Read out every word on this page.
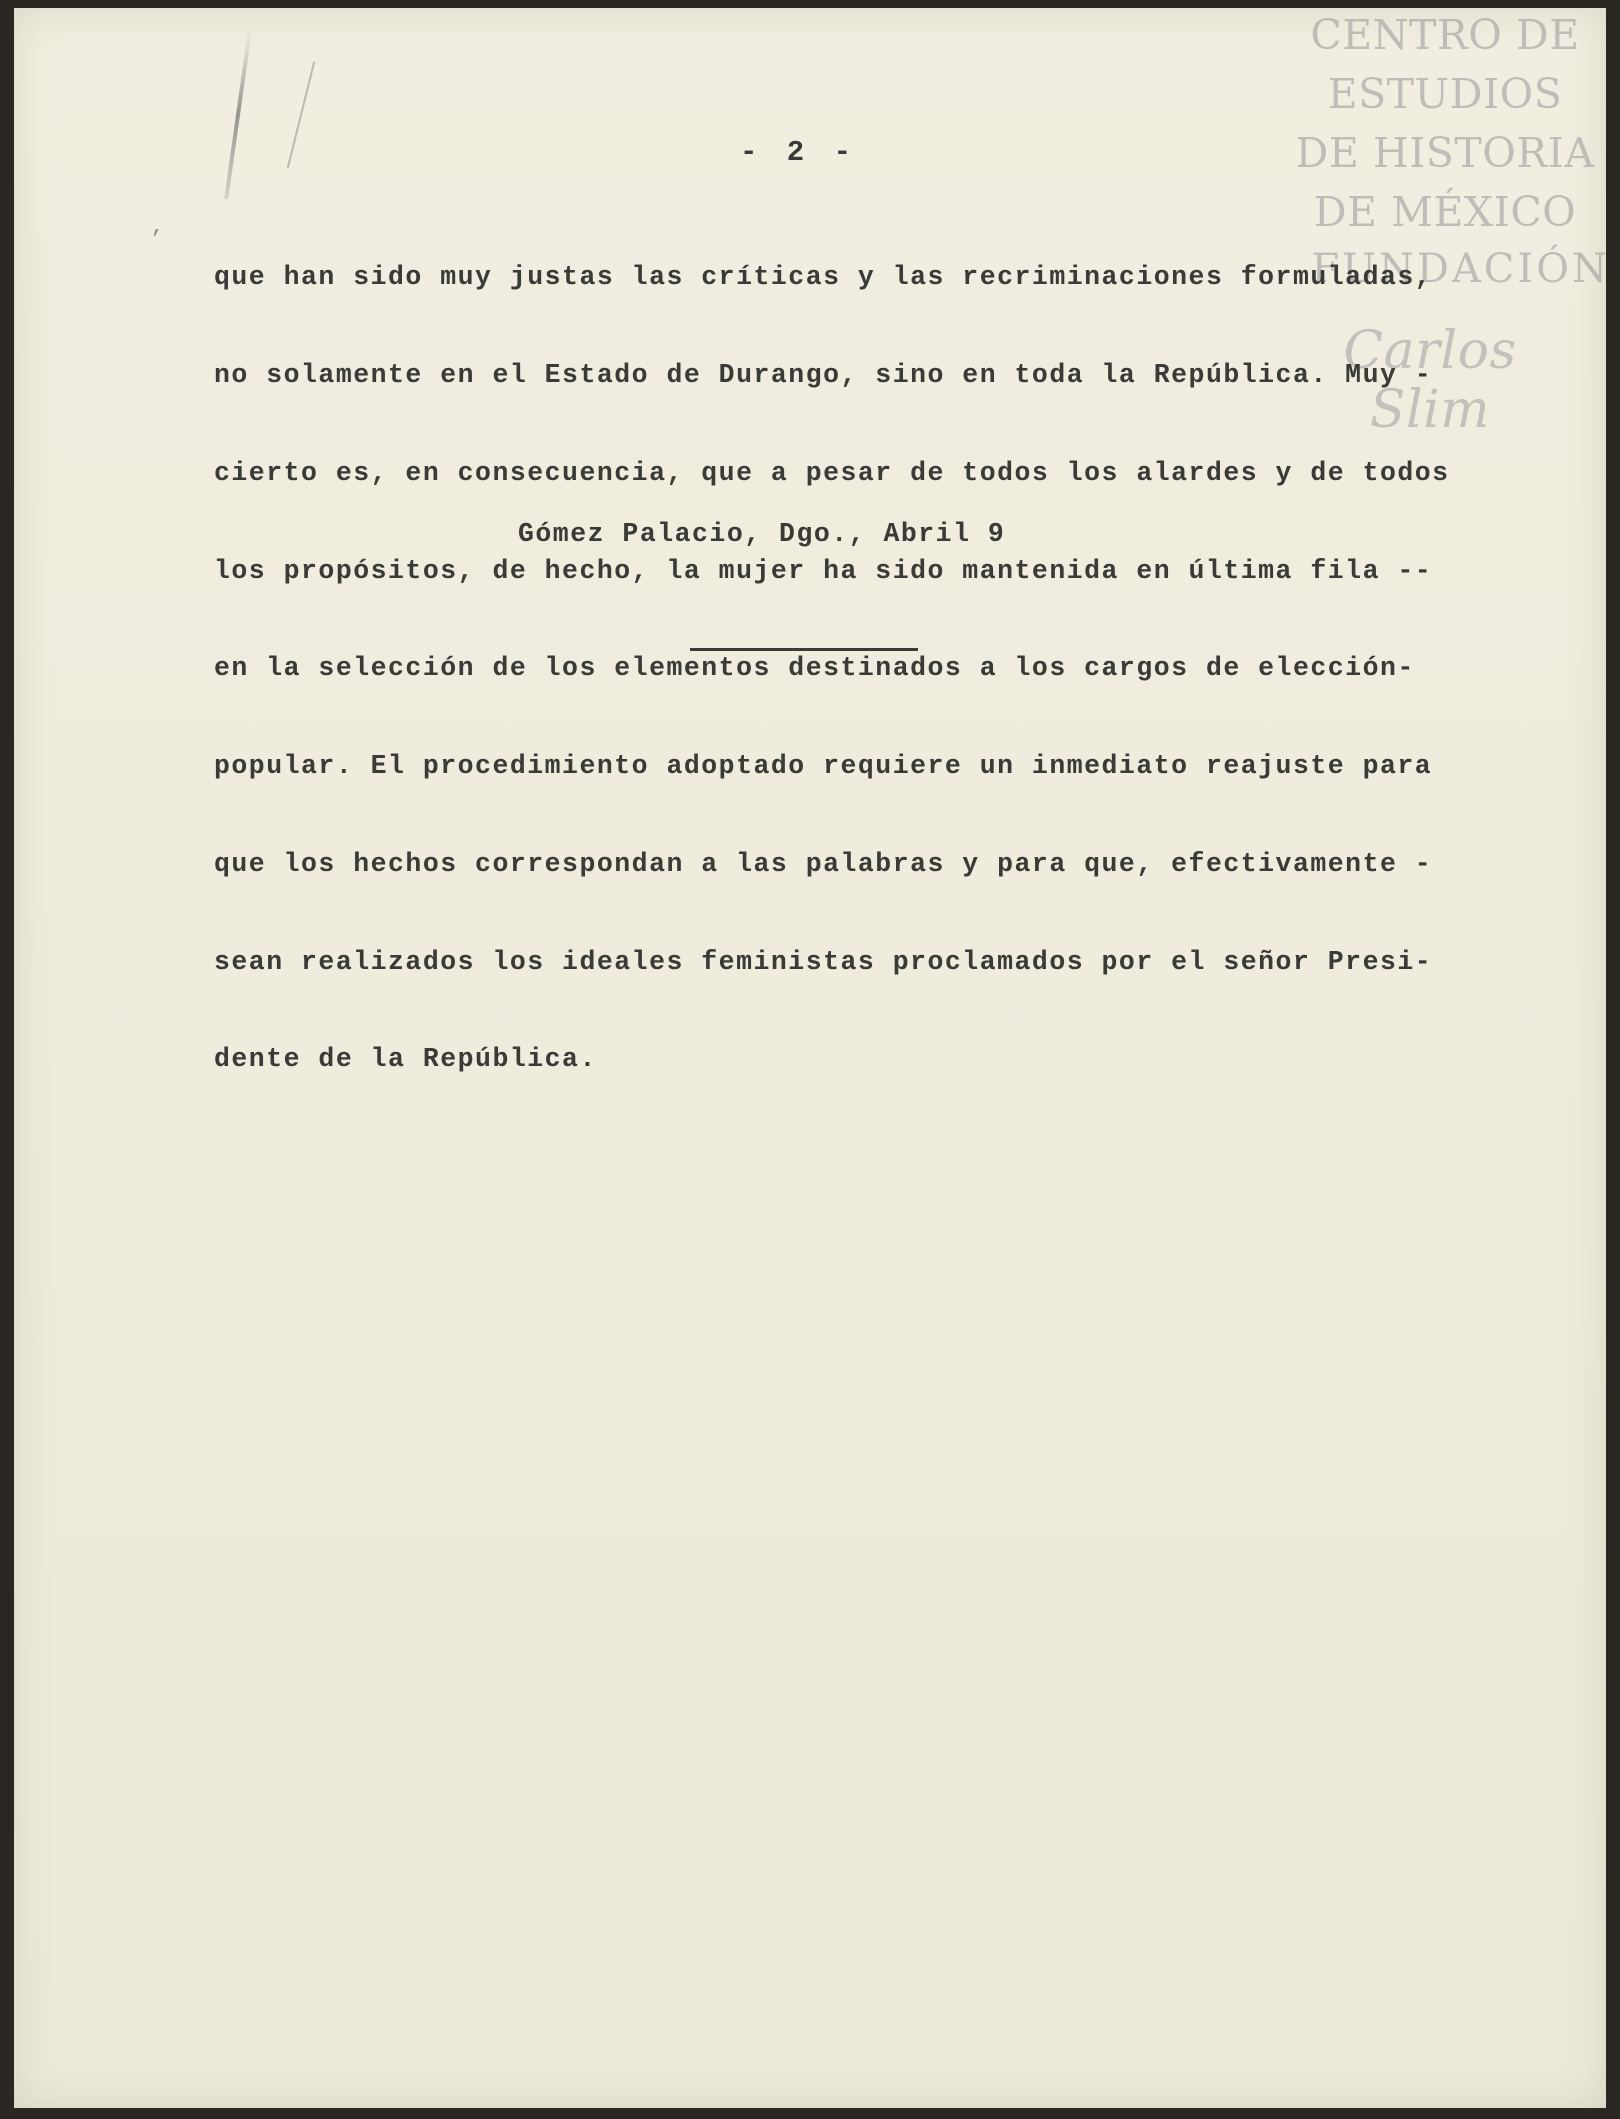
‚
CENTRO DE
ESTUDIOS
DE HISTORIA
DE MÉXICO
FUNDACIÓN
Carlos Slim
- 2 -

que han sido muy justas las críticas y las recriminaciones formuladas,

no solamente en el Estado de Durango, sino en toda la República. Muy -

cierto es, en consecuencia, que a pesar de todos los alardes y de todos

los propósitos, de hecho, la mujer ha sido mantenida en última fila --

en la selección de los elementos destinados a los cargos de elección-

popular. El procedimiento adoptado requiere un inmediato reajuste para

que los hechos correspondan a las palabras y para que, efectivamente -

sean realizados los ideales feministas proclamados por el señor Presi-

dente de la República.

Gómez Palacio, Dgo., Abril 9
